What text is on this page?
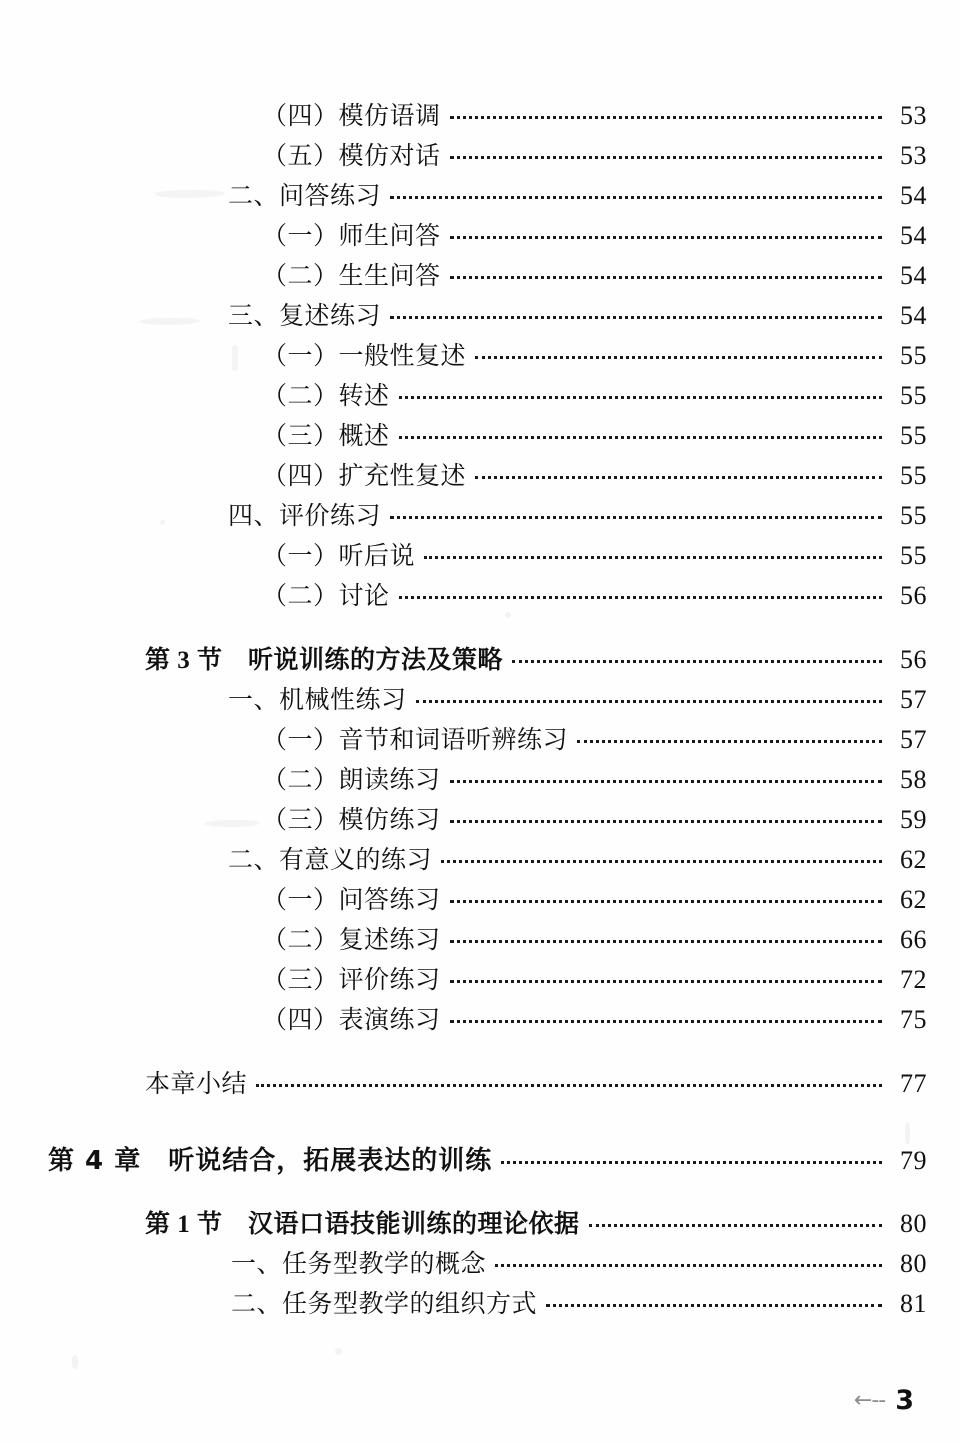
（四）模仿语调	53
（五）模仿对话	53
二、问答练习	54
（一）师生问答	54
（二）生生问答	54
三、复述练习	54
（一）一般性复述	55
（二）转述	55
（三）概述	55
（四）扩充性复述	55
四、评价练习	55
（一）听后说	55
（二）讨论	56
第 3 节　听说训练的方法及策略	56
一、机械性练习	57
（一）音节和词语听辨练习	57
（二）朗读练习	58
（三）模仿练习	59
二、有意义的练习	62
（一）问答练习	62
（二）复述练习	66
（三）评价练习	72
（四）表演练习	75
本章小结	77
第 4 章　听说结合，拓展表达的训练	79
第 1 节　汉语口语技能训练的理论依据	80
一、任务型教学的概念	80
二、任务型教学的组织方式	81
←-- 3
